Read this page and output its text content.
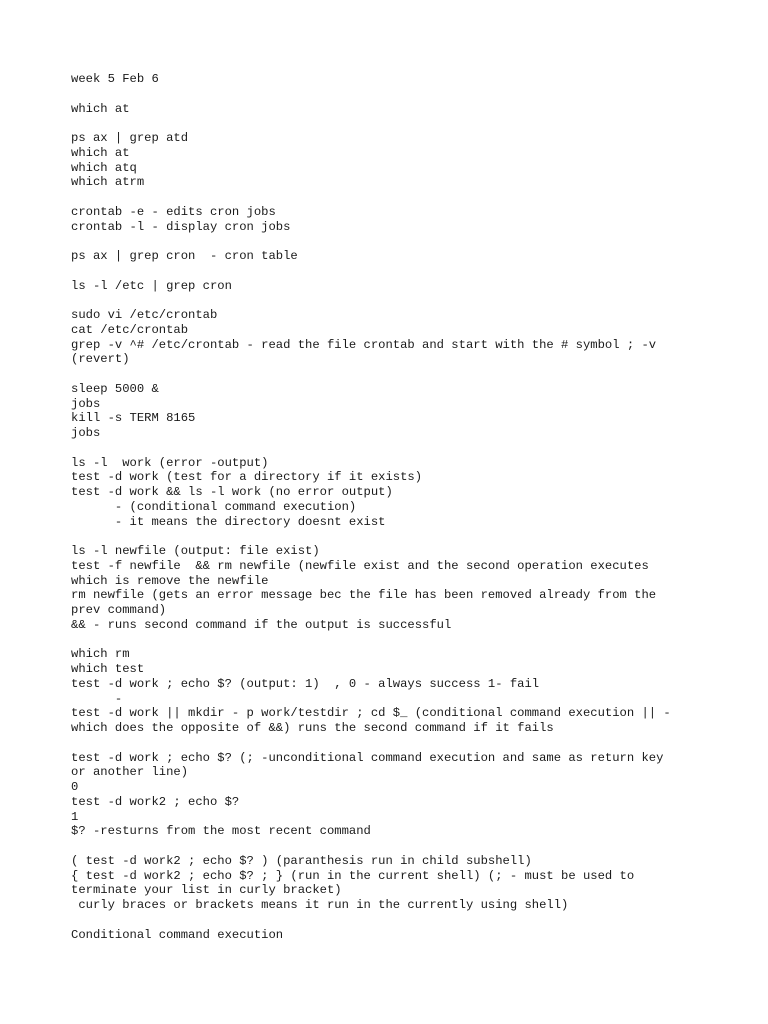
week 5 Feb 6
which at
ps ax | grep atd
which at
which atq
which atrm
crontab -e - edits cron jobs
crontab -l - display cron jobs
ps ax | grep cron  - cron table
ls -l /etc | grep cron
sudo vi /etc/crontab
cat /etc/crontab
grep -v ^# /etc/crontab - read the file crontab and start with the # symbol ; -v
(revert)
sleep 5000 &
jobs
kill -s TERM 8165
jobs
ls -l  work (error -output)
test -d work (test for a directory if it exists)
test -d work && ls -l work (no error output)
- (conditional command execution)
- it means the directory doesnt exist
ls -l newfile (output: file exist)
test -f newfile  && rm newfile (newfile exist and the second operation executes
which is remove the newfile
rm newfile (gets an error message bec the file has been removed already from the
prev command)
&& - runs second command if the output is successful
which rm
which test
test -d work ; echo $? (output: 1)  , 0 - always success 1- fail
-
test -d work || mkdir - p work/testdir ; cd $_ (conditional command execution || -
which does the opposite of &&) runs the second command if it fails
test -d work ; echo $? (; -unconditional command execution and same as return key
or another line)
0
test -d work2 ; echo $?
1
$? -resturns from the most recent command
( test -d work2 ; echo $? ) (paranthesis run in child subshell)
{ test -d work2 ; echo $? ; } (run in the current shell) (; - must be used to
terminate your list in curly bracket)
curly braces or brackets means it run in the currently using shell)
Conditional command execution
